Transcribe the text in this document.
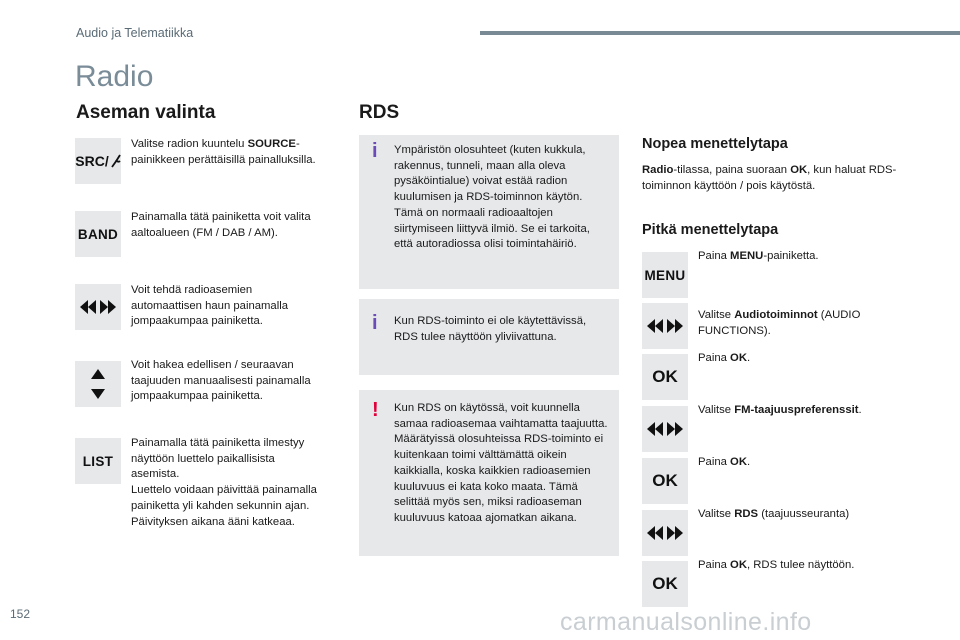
Audio ja Telematiikka
Radio
Aseman valinta
SRC/
Valitse radion kuuntelu SOURCE-
painikkeen perättäisillä painalluksilla.
BAND
Painamalla tätä painiketta voit valita aaltoalueen (FM / DAB / AM).
Voit tehdä radioasemien automaattisen haun painamalla jompaakumpaa painiketta.
Voit hakea edellisen / seuraavan taajuuden manuaalisesti painamalla jompaakumpaa painiketta.
LIST
Painamalla tätä painiketta ilmestyy näyttöön luettelo paikallisista asemista.
Luettelo voidaan päivittää painamalla painiketta yli kahden sekunnin ajan. Päivityksen aikana ääni katkeaa.
RDS
i Ympäristön olosuhteet (kuten kukkula, rakennus, tunneli, maan alla oleva pysäköintialue) voivat estää radion kuulumisen ja RDS-toiminnon käytön. Tämä on normaali radioaaltojen siirtymiseen liittyvä ilmiö. Se ei tarkoita, että autoradiossa olisi toimintahäiriö.
i Kun RDS-toiminto ei ole käytettävissä, RDS tulee näyttöön yliviivattuna.
! Kun RDS on käytössä, voit kuunnella samaa radioasemaa vaihtamatta taajuutta. Määrätyissä olosuhteissa RDS-toiminto ei kuitenkaan toimi välttämättä oikein kaikkialla, koska kaikkien radioasemien kuuluvuus ei kata koko maata. Tämä selittää myös sen, miksi radioaseman kuuluvuus katoaa ajomatkan aikana.
Nopea menettelytapa
Radio-tilassa, paina suoraan OK, kun haluat RDS-toiminnon käyttöön / pois käytöstä.
Pitkä menettelytapa
MENU
Paina MENU-painiketta.
Valitse Audiotoiminnot (AUDIO FUNCTIONS).
OK
Paina OK.
Valitse FM-taajuuspreferenssit.
OK
Paina OK.
Valitse RDS (taajuusseuranta)
OK
Paina OK, RDS tulee näyttöön.
152	carmanualsonline.info
